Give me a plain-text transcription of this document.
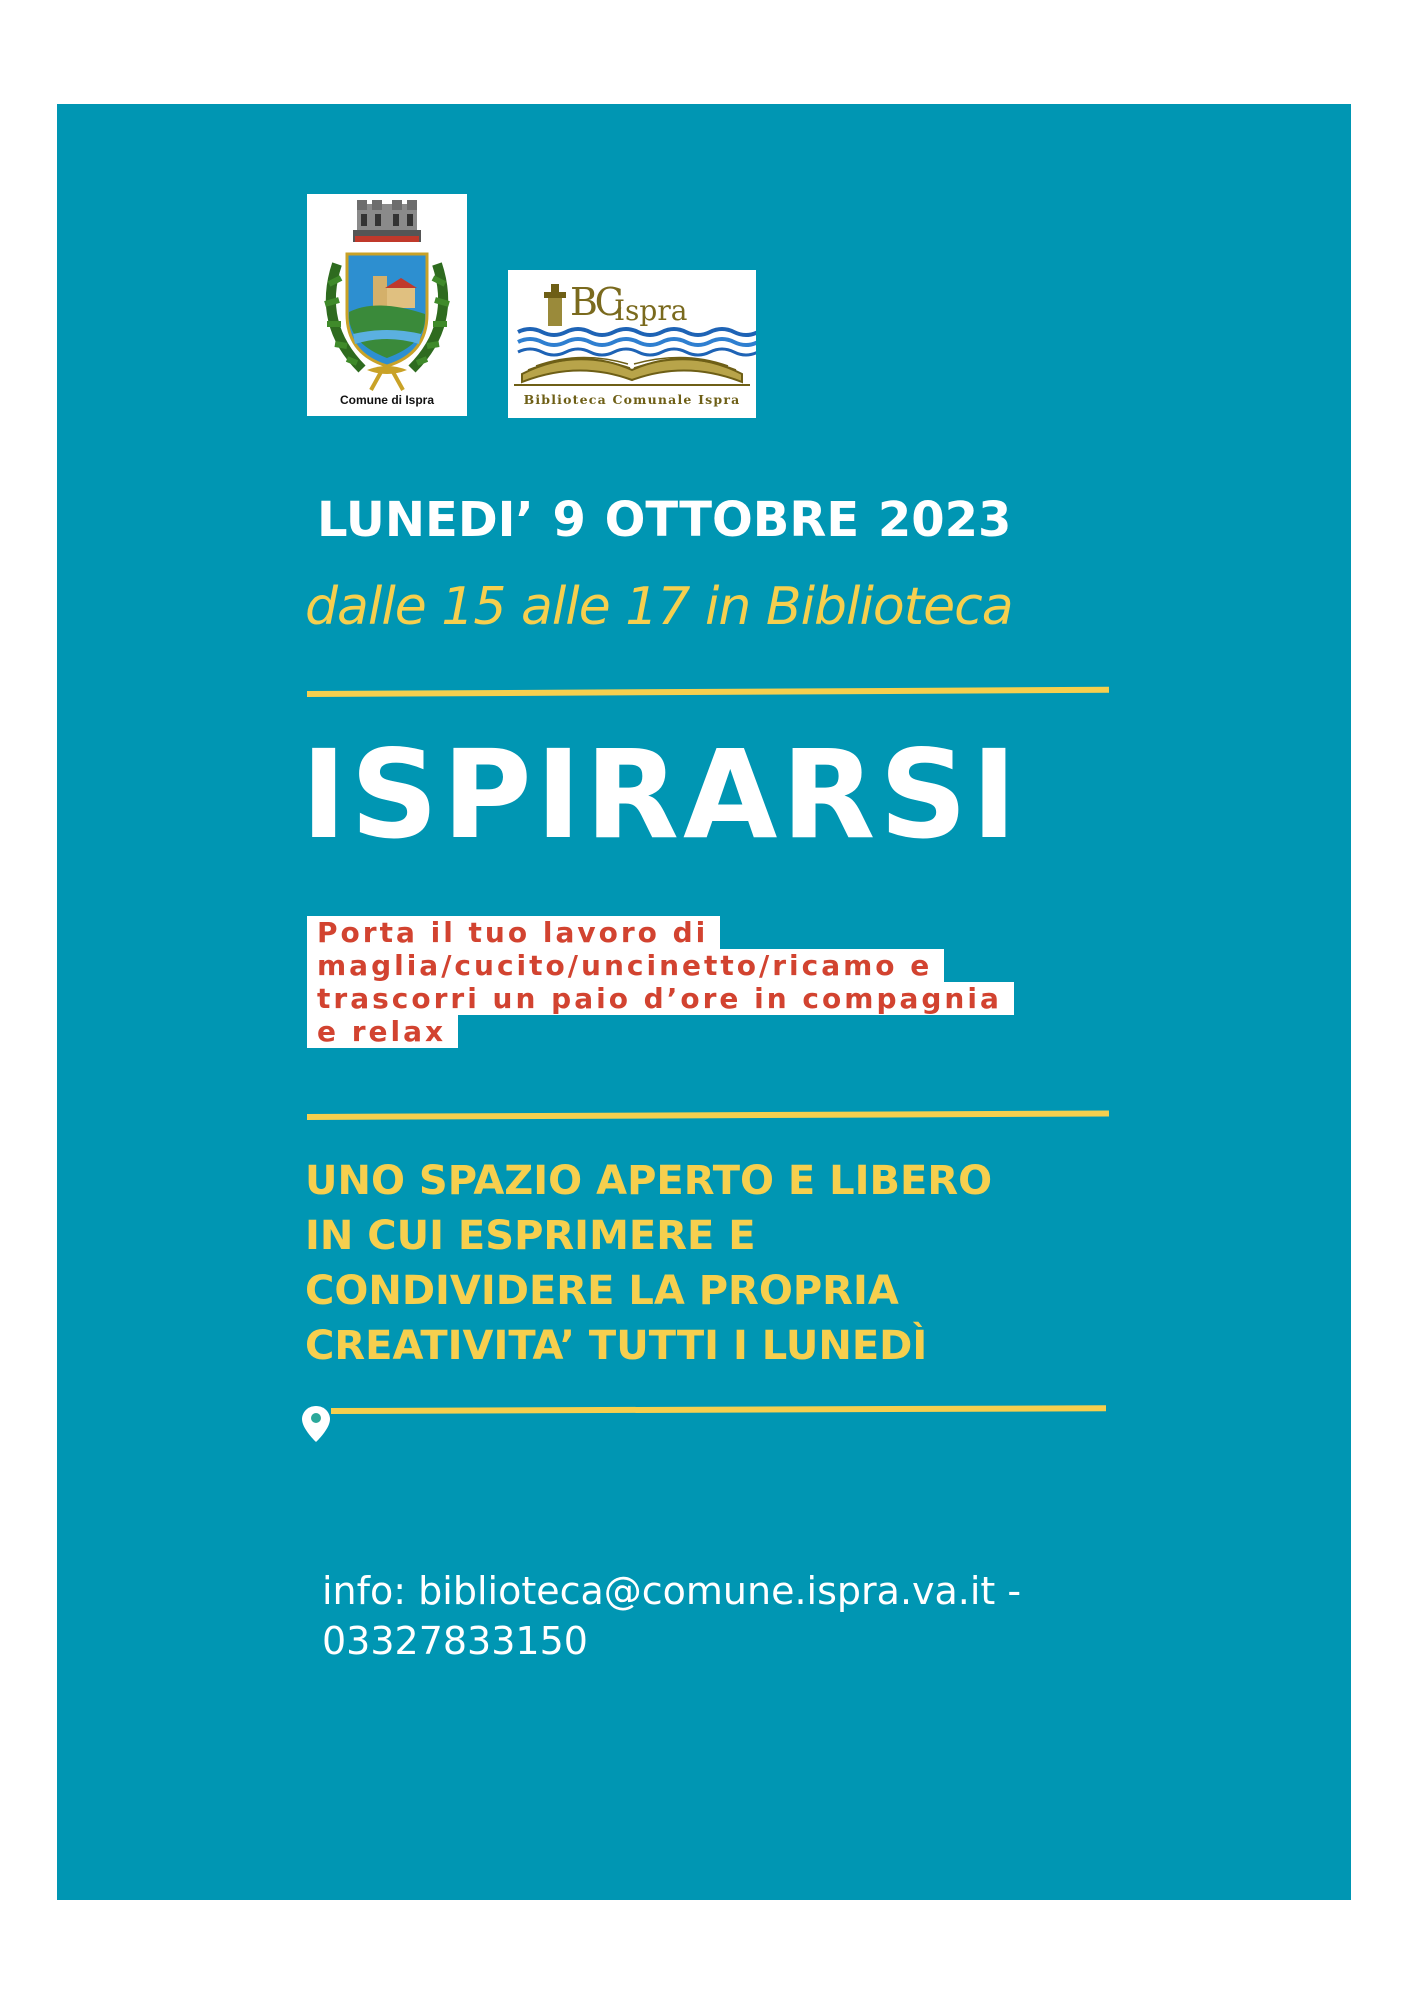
Comune di Ispra
BC
Ispra
Biblioteca Comunale Ispra
LUNEDI’ 9 OTTOBRE 2023
dalle 15 alle 17 in Biblioteca
ISPIRARSI
Porta il tuo lavoro di
maglia/cucito/uncinetto/ricamo e
trascorri un paio d’ore in compagnia
e relax
UNO SPAZIO APERTO E LIBERO
IN CUI ESPRIMERE E
CONDIVIDERE LA PROPRIA
CREATIVITA’ TUTTI I LUNEDÌ
info: biblioteca@comune.ispra.va.it -
03327833150
